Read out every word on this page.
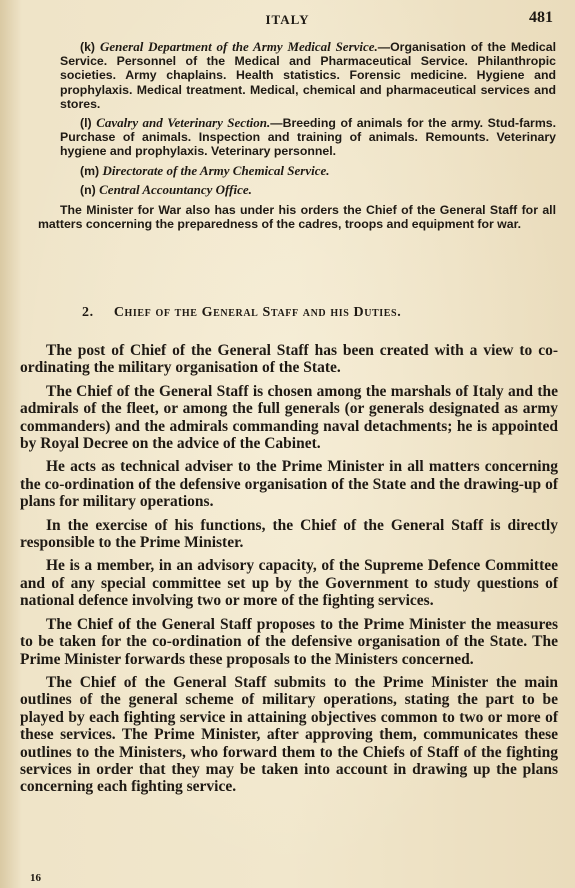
ITALY	481

(k) General Department of the Army Medical Service.—Organisation of the Medical Service. Personnel of the Medical and Pharmaceutical Service. Philanthropic societies. Army chaplains. Health statistics. Forensic medicine. Hygiene and prophylaxis. Medical treatment. Medical, chemical and pharmaceutical services and stores.

(l) Cavalry and Veterinary Section.—Breeding of animals for the army. Stud-farms. Purchase of animals. Inspection and training of animals. Remounts. Veterinary hygiene and prophylaxis. Veterinary personnel.

(m) Directorate of the Army Chemical Service.

(n) Central Accountancy Office.

The Minister for War also has under his orders the Chief of the General Staff for all matters concerning the preparedness of the cadres, troops and equipment for war.

2. Chief of the General Staff and his Duties.

The post of Chief of the General Staff has been created with a view to co-ordinating the military organisation of the State.

The Chief of the General Staff is chosen among the marshals of Italy and the admirals of the fleet, or among the full generals (or generals designated as army commanders) and the admirals commanding naval detachments; he is appointed by Royal Decree on the advice of the Cabinet.

He acts as technical adviser to the Prime Minister in all matters concerning the co-ordination of the defensive organisation of the State and the drawing-up of plans for military operations.

In the exercise of his functions, the Chief of the General Staff is directly responsible to the Prime Minister.

He is a member, in an advisory capacity, of the Supreme Defence Committee and of any special committee set up by the Government to study questions of national defence involving two or more of the fighting services.

The Chief of the General Staff proposes to the Prime Minister the measures to be taken for the co-ordination of the defensive organisation of the State. The Prime Minister forwards these proposals to the Ministers concerned.

The Chief of the General Staff submits to the Prime Minister the main outlines of the general scheme of military operations, stating the part to be played by each fighting service in attaining objectives common to two or more of these services. The Prime Minister, after approving them, communicates these outlines to the Ministers, who forward them to the Chiefs of Staff of the fighting services in order that they may be taken into account in drawing up the plans concerning each fighting service.

16
